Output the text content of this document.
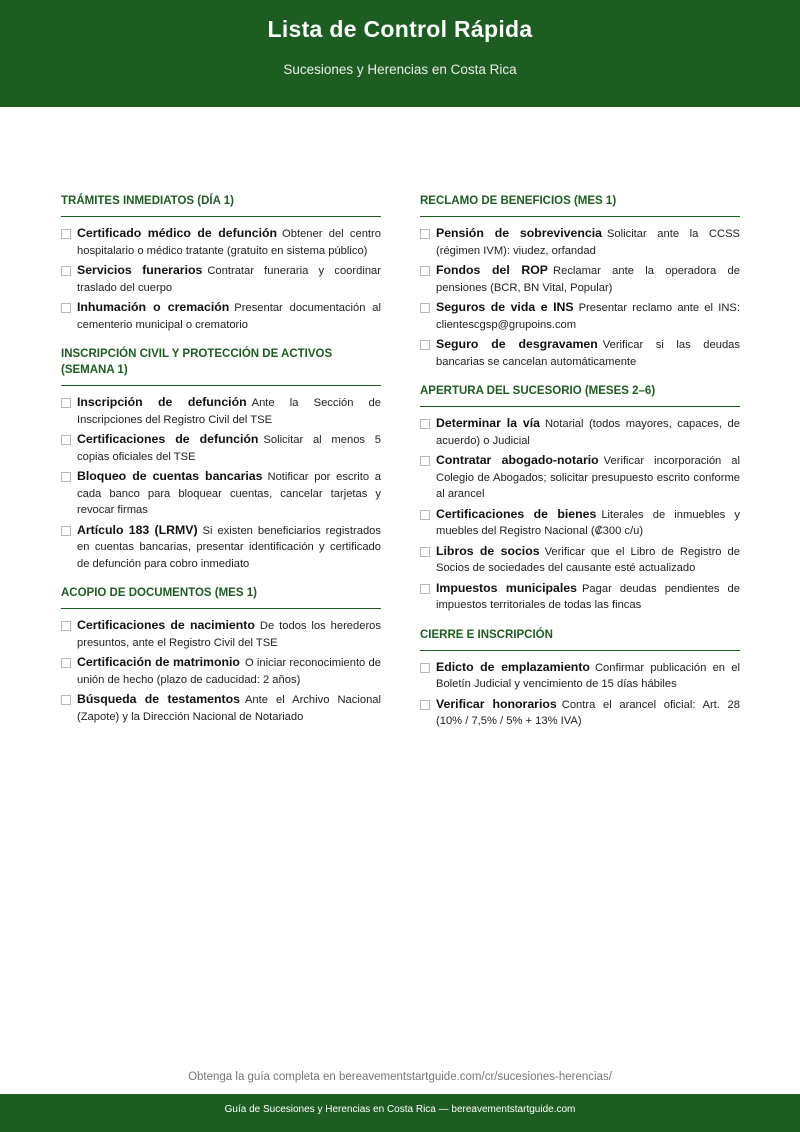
Lista de Control Rápida
Sucesiones y Herencias en Costa Rica
TRÁMITES INMEDIATOS (DÍA 1)
Certificado médico de defunción Obtener del centro hospitalario o médico tratante (gratuito en sistema público)
Servicios funerarios Contratar funeraria y coordinar traslado del cuerpo
Inhumación o cremación Presentar documentación al cementerio municipal o crematorio
INSCRIPCIÓN CIVIL Y PROTECCIÓN DE ACTIVOS (SEMANA 1)
Inscripción de defunción Ante la Sección de Inscripciones del Registro Civil del TSE
Certificaciones de defunción Solicitar al menos 5 copias oficiales del TSE
Bloqueo de cuentas bancarias Notificar por escrito a cada banco para bloquear cuentas, cancelar tarjetas y revocar firmas
Artículo 183 (LRMV) Si existen beneficiarios registrados en cuentas bancarias, presentar identificación y certificado de defunción para cobro inmediato
ACOPIO DE DOCUMENTOS (MES 1)
Certificaciones de nacimiento De todos los herederos presuntos, ante el Registro Civil del TSE
Certificación de matrimonio O iniciar reconocimiento de unión de hecho (plazo de caducidad: 2 años)
Búsqueda de testamentos Ante el Archivo Nacional (Zapote) y la Dirección Nacional de Notariado
RECLAMO DE BENEFICIOS (MES 1)
Pensión de sobrevivencia Solicitar ante la CCSS (régimen IVM): viudez, orfandad
Fondos del ROP Reclamar ante la operadora de pensiones (BCR, BN Vital, Popular)
Seguros de vida e INS Presentar reclamo ante el INS: clientescgsp@grupoins.com
Seguro de desgravamen Verificar si las deudas bancarias se cancelan automáticamente
APERTURA DEL SUCESORIO (MESES 2–6)
Determinar la vía Notarial (todos mayores, capaces, de acuerdo) o Judicial
Contratar abogado-notario Verificar incorporación al Colegio de Abogados; solicitar presupuesto escrito conforme al arancel
Certificaciones de bienes Literales de inmuebles y muebles del Registro Nacional (₡300 c/u)
Libros de socios Verificar que el Libro de Registro de Socios de sociedades del causante esté actualizado
Impuestos municipales Pagar deudas pendientes de impuestos territoriales de todas las fincas
CIERRE E INSCRIPCIÓN
Edicto de emplazamiento Confirmar publicación en el Boletín Judicial y vencimiento de 15 días hábiles
Verificar honorarios Contra el arancel oficial: Art. 28 (10% / 7,5% / 5% + 13% IVA)
Obtenga la guía completa en bereavementstartguide.com/cr/sucesiones-herencias/
Guía de Sucesiones y Herencias en Costa Rica — bereavementstartguide.com
